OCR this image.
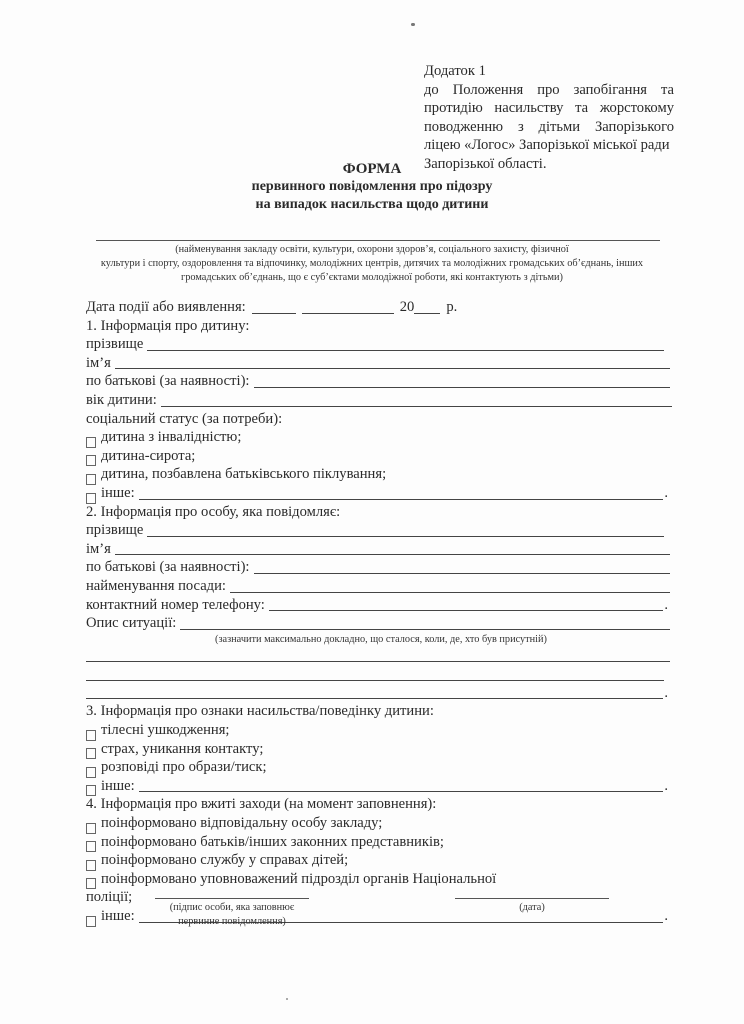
Додаток 1
до Положення про запобігання та
протидію насильству та жорстокому
поводженню з дітьми Запорізького
ліцею «Логос» Запорізької міської ради
Запорізької області.
ФОРМА
первинного повідомлення про підозру
на випадок насильства щодо дитини
(найменування закладу освіти, культури, охорони здоров’я, соціального захисту, фізичної
культури і спорту, оздоровлення та відпочинку, молодіжних центрів, дитячих та молодіжних громадських об’єднань, інших
громадських об’єднань, що є суб’єктами молодіжної роботи, які контактують з дітьми)
Дата події або виявлення:	20 р.
1. Інформація про дитину:
прізвище
ім’я
по батькові (за наявності):
вік дитини:
соціальний статус (за потреби):
дитина з інвалідністю;
дитина-сирота;
дитина, позбавлена батьківського піклування;
інше:	.
2. Інформація про особу, яка повідомляє:
прізвище
ім’я
по батькові (за наявності):
найменування посади:
контактний номер телефону:	.
Опис ситуації:
(зазначити максимально докладно, що сталося, коли, де, хто був присутній)
.
3. Інформація про ознаки насильства/поведінку дитини:
тілесні ушкодження;
страх, уникання контакту;
розповіді про образи/тиск;
інше:	.
4. Інформація про вжиті заходи (на момент заповнення):
поінформовано відповідальну особу закладу;
поінформовано батьків/інших законних представників;
поінформовано службу у справах дітей;
поінформовано уповноважений підрозділ органів Національної
поліції;
інше:	.
(підпис особи, яка заповнює
первинне повідомлення)
(дата)
